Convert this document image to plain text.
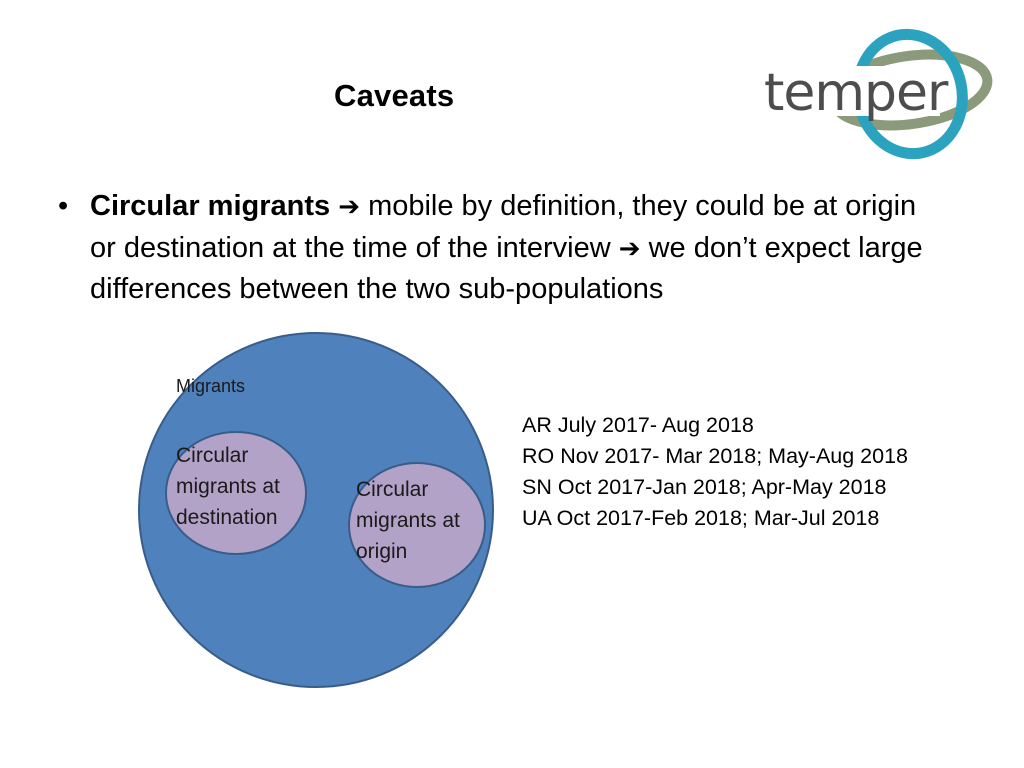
Caveats	temper
• Circular migrants ➔ mobile by definition, they could be at origin or destination at the time of the interview ➔ we don’t expect large differences between the two sub-populations
Migrants
Circular
migrants at
destination
Circular
migrants at
origin
AR July 2017- Aug 2018
RO Nov 2017- Mar 2018; May-Aug 2018
SN Oct 2017-Jan 2018; Apr-May 2018
UA Oct 2017-Feb 2018; Mar-Jul 2018
